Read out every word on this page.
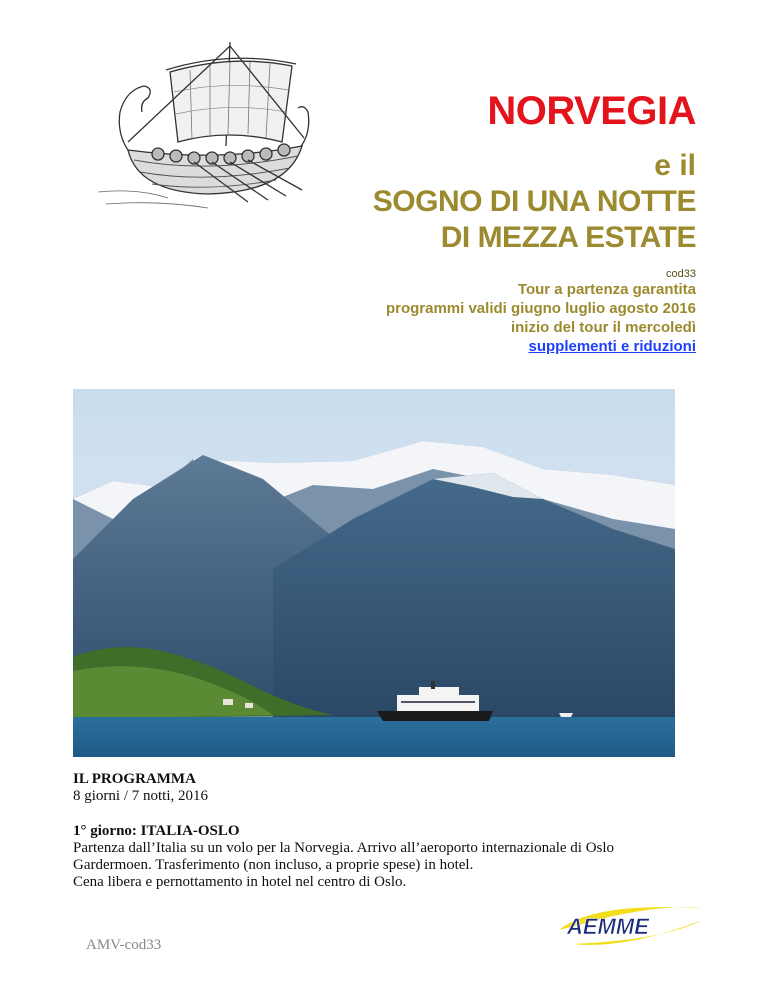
NORVEGIA
e il
SOGNO DI UNA NOTTE
DI MEZZA ESTATE
cod33
Tour a partenza garantita
programmi validi giugno luglio agosto 2016
inizio del tour il mercoledì
supplementi e riduzioni
IL PROGRAMMA
8 giorni / 7 notti, 2016
1° giorno: ITALIA-OSLO
Partenza dall’Italia su un volo per la Norvegia. Arrivo all’aeroporto internazionale di Oslo
Gardermoen. Trasferimento (non incluso, a proprie spese) in hotel.
Cena libera e pernottamento in hotel nel centro di Oslo.
AMV-cod33
AEMME
